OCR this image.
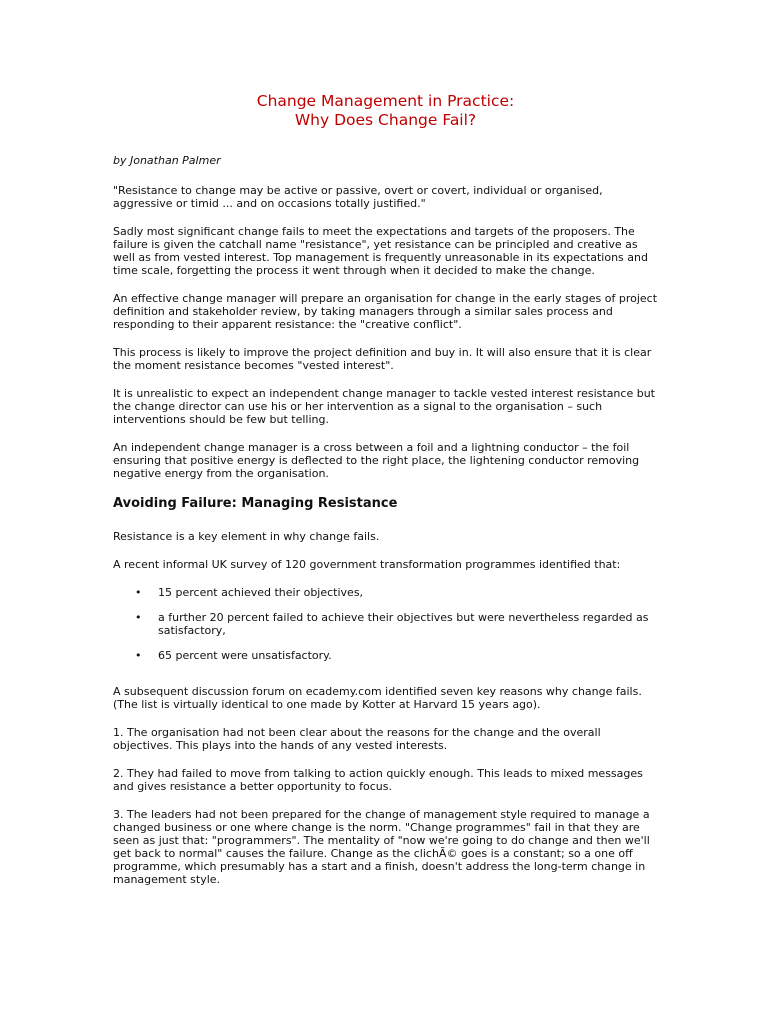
Change Management in Practice:
Why Does Change Fail?
by Jonathan Palmer

"Resistance to change may be active or passive, overt or covert, individual or organised, aggressive or timid ... and on occasions totally justified."

Sadly most significant change fails to meet the expectations and targets of the proposers. The failure is given the catchall name "resistance", yet resistance can be principled and creative as well as from vested interest. Top management is frequently unreasonable in its expectations and time scale, forgetting the process it went through when it decided to make the change.

An effective change manager will prepare an organisation for change in the early stages of project definition and stakeholder review, by taking managers through a similar sales process and responding to their apparent resistance: the "creative conflict".

This process is likely to improve the project definition and buy in. It will also ensure that it is clear the moment resistance becomes "vested interest".

It is unrealistic to expect an independent change manager to tackle vested interest resistance but the change director can use his or her intervention as a signal to the organisation – such interventions should be few but telling.

An independent change manager is a cross between a foil and a lightning conductor – the foil ensuring that positive energy is deflected to the right place, the lightening conductor removing negative energy from the organisation.

Avoiding Failure: Managing Resistance

Resistance is a key element in why change fails.

A recent informal UK survey of 120 government transformation programmes identified that:

• 15 percent achieved their objectives,
• a further 20 percent failed to achieve their objectives but were nevertheless regarded as satisfactory,
• 65 percent were unsatisfactory.

A subsequent discussion forum on ecademy.com identified seven key reasons why change fails. (The list is virtually identical to one made by Kotter at Harvard 15 years ago).

1. The organisation had not been clear about the reasons for the change and the overall objectives. This plays into the hands of any vested interests.

2. They had failed to move from talking to action quickly enough. This leads to mixed messages and gives resistance a better opportunity to focus.

3. The leaders had not been prepared for the change of management style required to manage a changed business or one where change is the norm. "Change programmes" fail in that they are seen as just that: "programmers". The mentality of "now we're going to do change and then we'll get back to normal" causes the failure. Change as the clichÃ© goes is a constant; so a one off programme, which presumably has a start and a finish, doesn't address the long-term change in management style.
